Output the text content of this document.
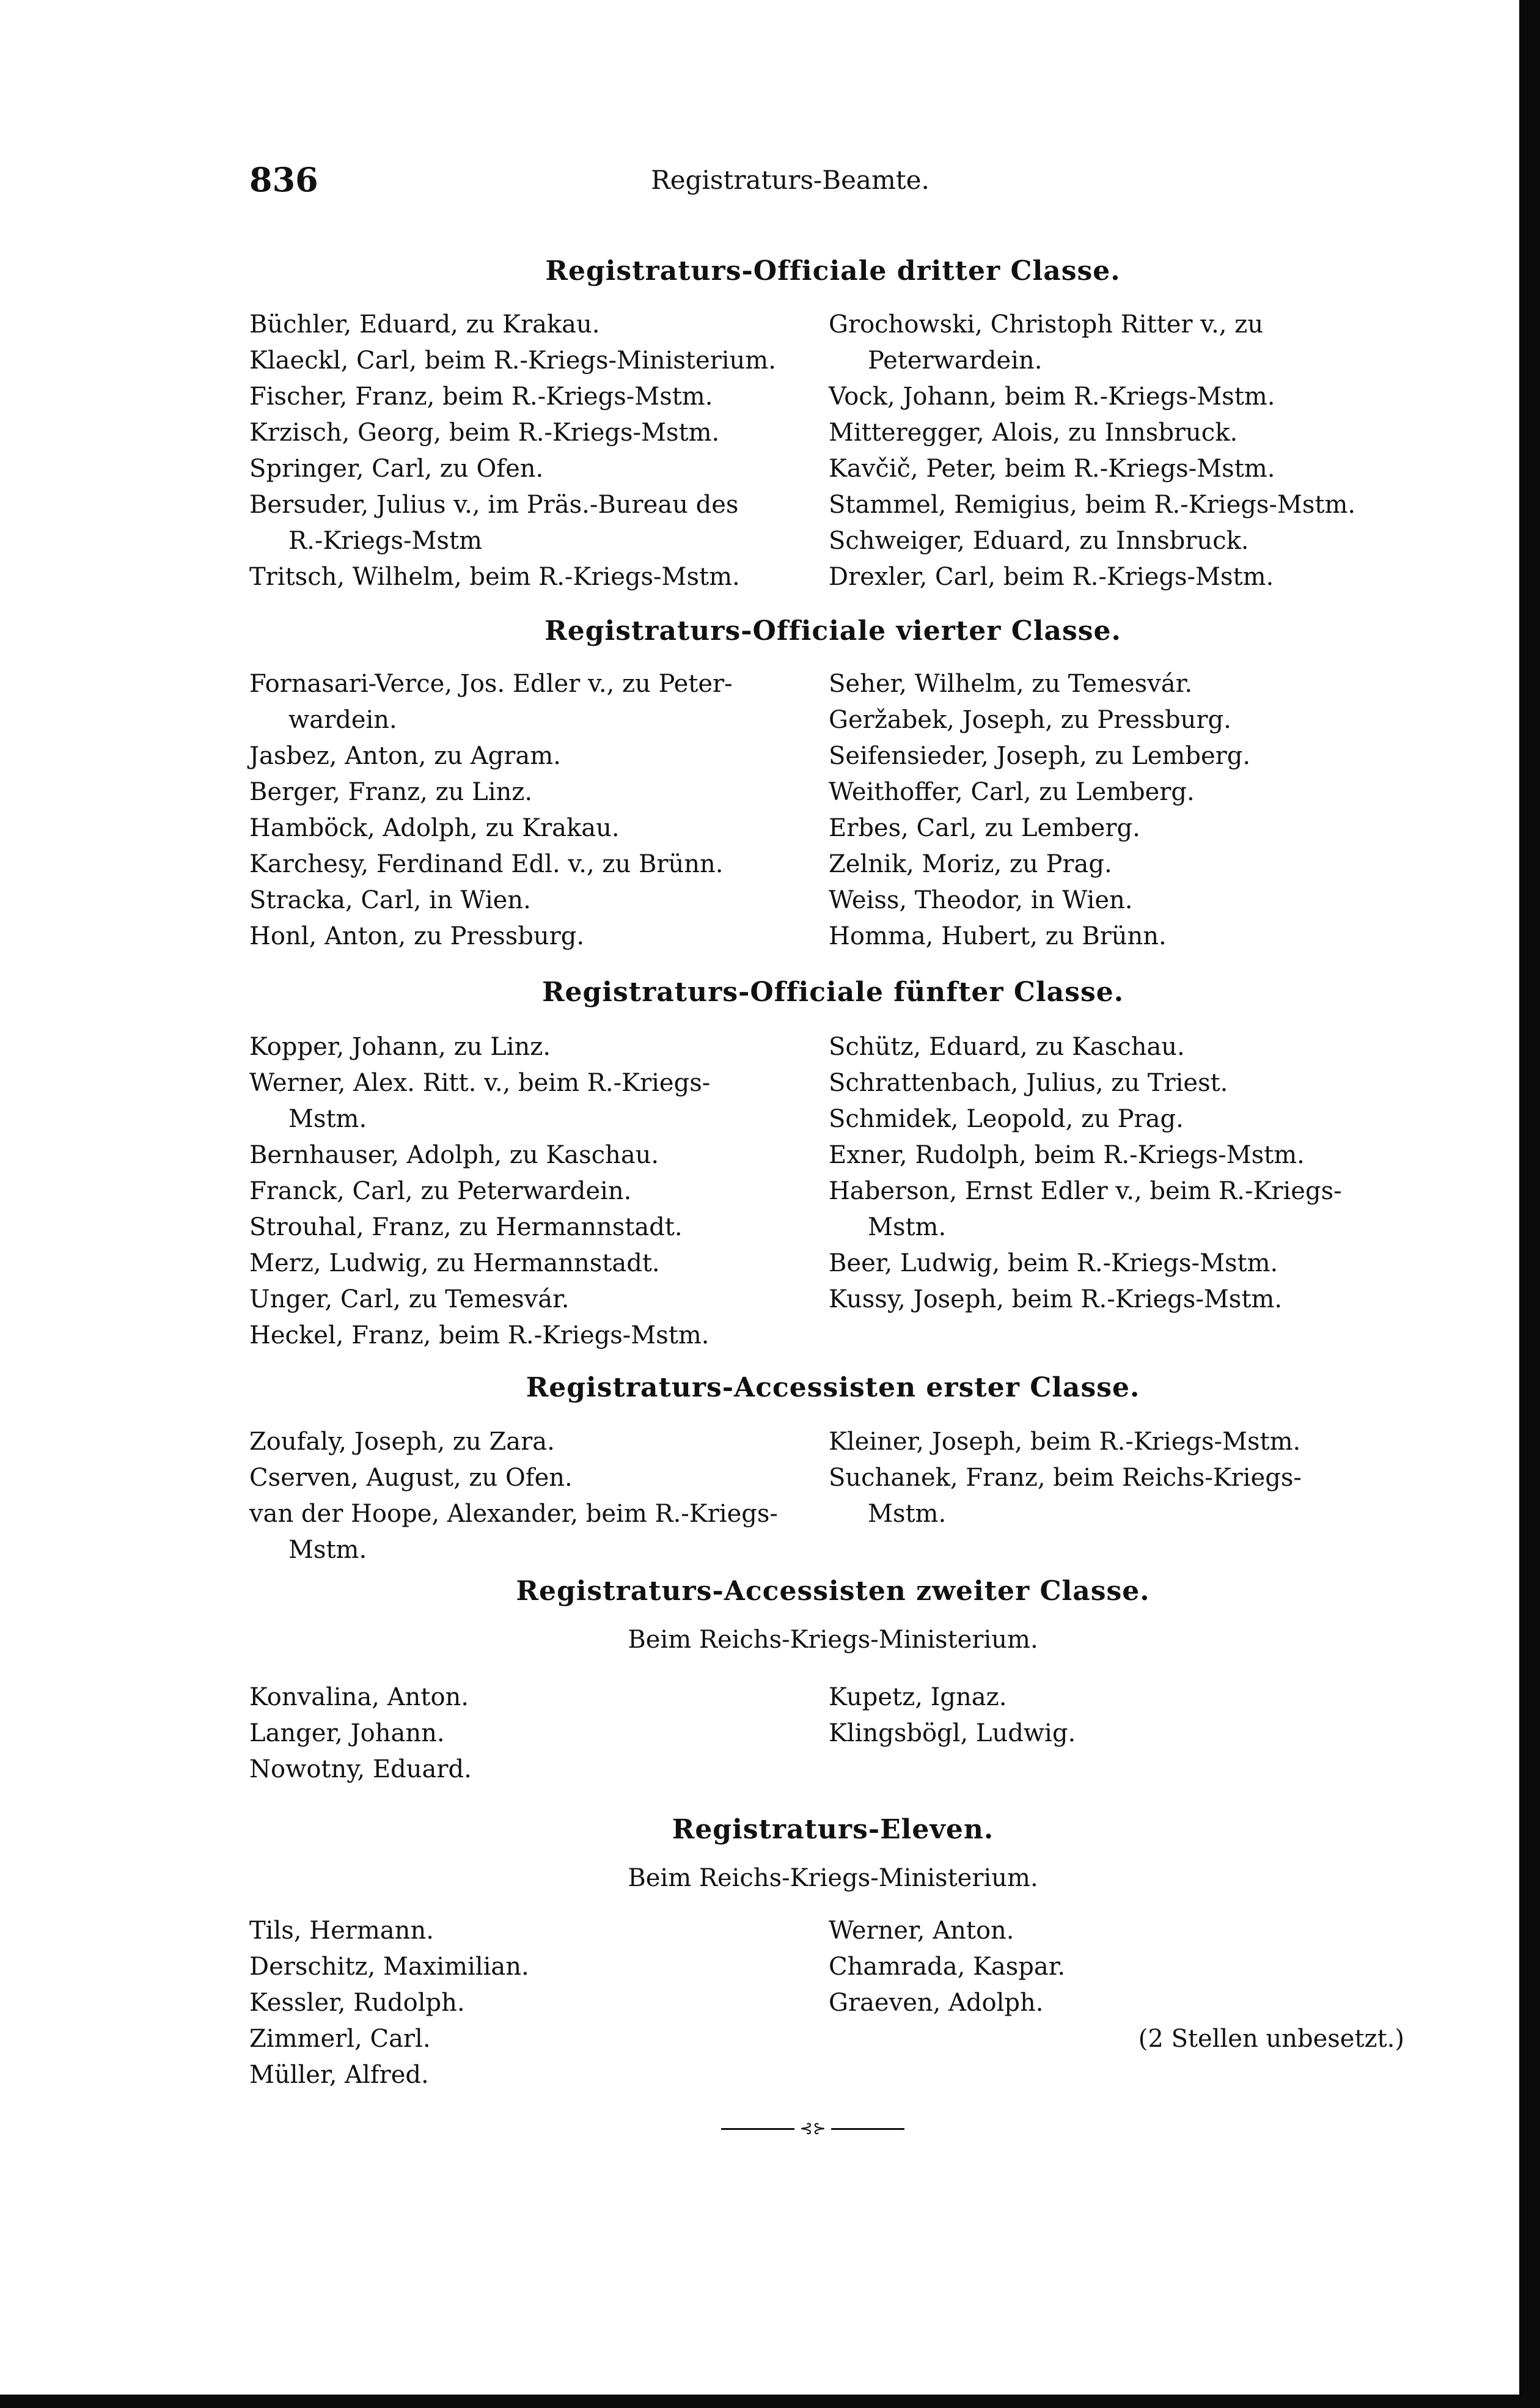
836	Registraturs-Beamte.
Registraturs-Officiale dritter Classe.
Büchler, Eduard, zu Krakau.
Klaeckl, Carl, beim R.-Kriegs-Ministerium.
Fischer, Franz, beim R.-Kriegs-Mstm.
Krzisch, Georg, beim R.-Kriegs-Mstm.
Springer, Carl, zu Ofen.
Bersuder, Julius v., im Präs.-Bureau des
R.-Kriegs-Mstm
Tritsch, Wilhelm, beim R.-Kriegs-Mstm.
Grochowski, Christoph Ritter v., zu
Peterwardein.
Vock, Johann, beim R.-Kriegs-Mstm.
Mitteregger, Alois, zu Innsbruck.
Kavčič, Peter, beim R.-Kriegs-Mstm.
Stammel, Remigius, beim R.-Kriegs-Mstm.
Schweiger, Eduard, zu Innsbruck.
Drexler, Carl, beim R.-Kriegs-Mstm.
Registraturs-Officiale vierter Classe.
Fornasari-Verce, Jos. Edler v., zu Peter-
wardein.
Jasbez, Anton, zu Agram.
Berger, Franz, zu Linz.
Hamböck, Adolph, zu Krakau.
Karchesy, Ferdinand Edl. v., zu Brünn.
Stracka, Carl, in Wien.
Honl, Anton, zu Pressburg.
Seher, Wilhelm, zu Temesvár.
Geržabek, Joseph, zu Pressburg.
Seifensieder, Joseph, zu Lemberg.
Weithoffer, Carl, zu Lemberg.
Erbes, Carl, zu Lemberg.
Zelnik, Moriz, zu Prag.
Weiss, Theodor, in Wien.
Homma, Hubert, zu Brünn.
Registraturs-Officiale fünfter Classe.
Kopper, Johann, zu Linz.
Werner, Alex. Ritt. v., beim R.-Kriegs-
Mstm.
Bernhauser, Adolph, zu Kaschau.
Franck, Carl, zu Peterwardein.
Strouhal, Franz, zu Hermannstadt.
Merz, Ludwig, zu Hermannstadt.
Unger, Carl, zu Temesvár.
Heckel, Franz, beim R.-Kriegs-Mstm.
Schütz, Eduard, zu Kaschau.
Schrattenbach, Julius, zu Triest.
Schmidek, Leopold, zu Prag.
Exner, Rudolph, beim R.-Kriegs-Mstm.
Haberson, Ernst Edler v., beim R.-Kriegs-
Mstm.
Beer, Ludwig, beim R.-Kriegs-Mstm.
Kussy, Joseph, beim R.-Kriegs-Mstm.
Registraturs-Accessisten erster Classe.
Zoufaly, Joseph, zu Zara.
Cserven, August, zu Ofen.
van der Hoope, Alexander, beim R.-Kriegs-
Mstm.
Kleiner, Joseph, beim R.-Kriegs-Mstm.
Suchanek, Franz, beim Reichs-Kriegs-
Mstm.
Registraturs-Accessisten zweiter Classe.
Beim Reichs-Kriegs-Ministerium.
Konvalina, Anton.
Langer, Johann.
Nowotny, Eduard.
Kupetz, Ignaz.
Klingsbögl, Ludwig.
Registraturs-Eleven.
Beim Reichs-Kriegs-Ministerium.
Tils, Hermann.
Derschitz, Maximilian.
Kessler, Rudolph.
Zimmerl, Carl.
Müller, Alfred.
Werner, Anton.
Chamrada, Kaspar.
Graeven, Adolph.
(2 Stellen unbesetzt.)
⊰⊱
